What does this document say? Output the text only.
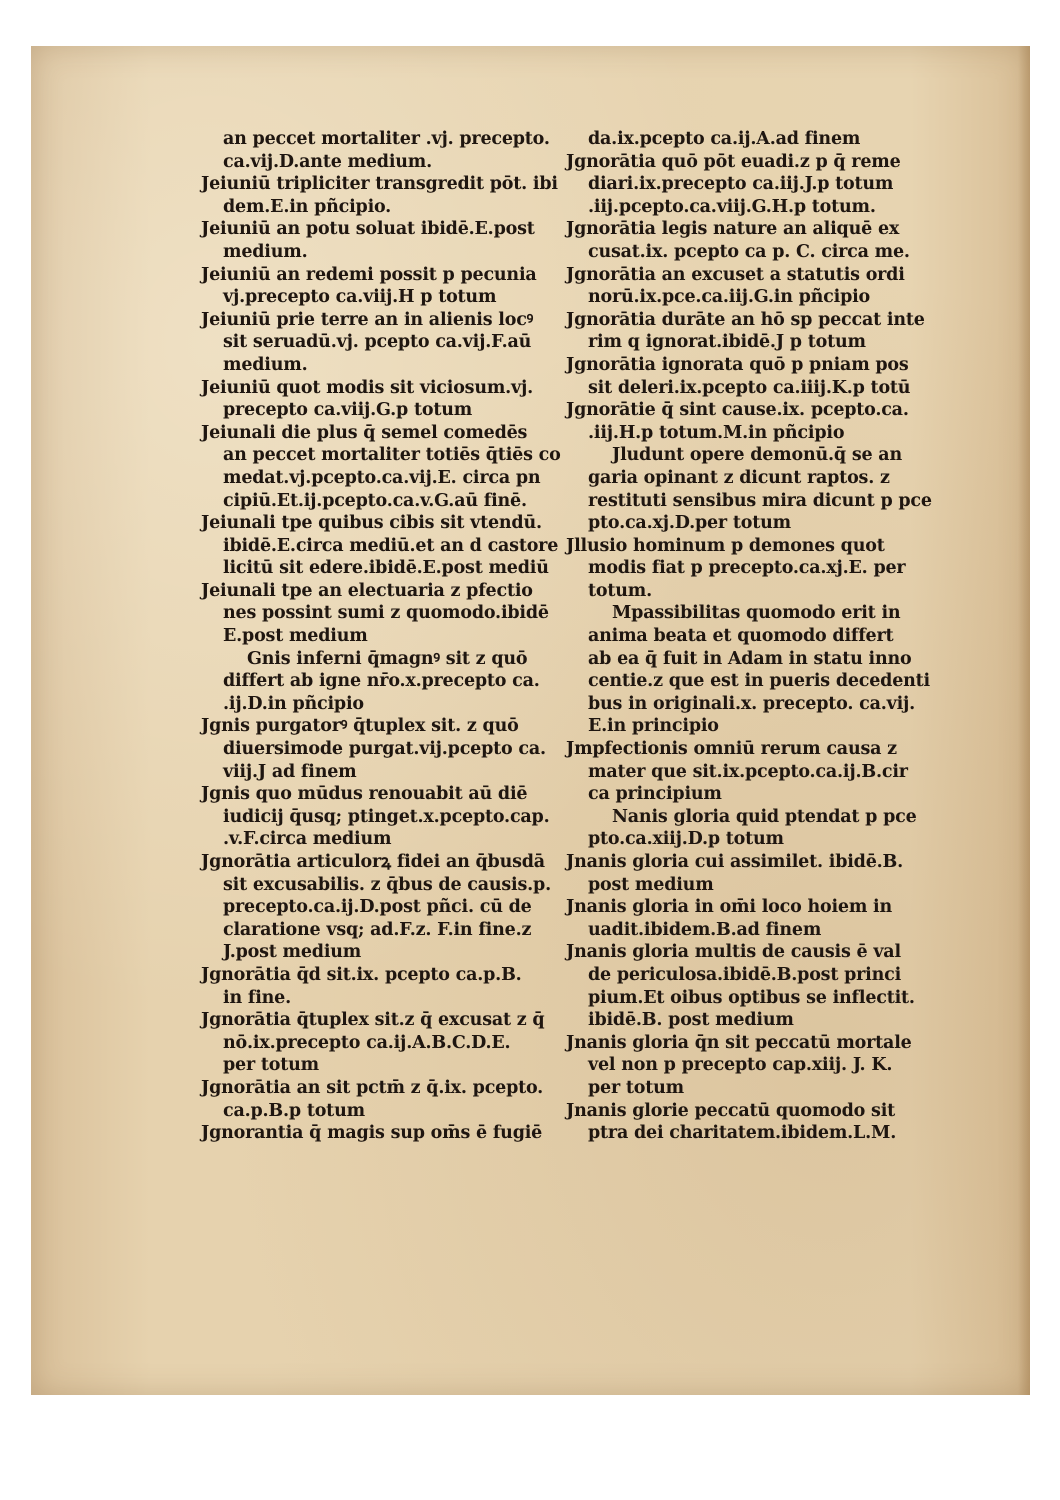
an peccet mortaliter .vj. precepto.
ca.vij.D.ante medium.
Jeiuniū tripliciter transgredit pōt. ibi
dem.E.in pñcipio.
Jeiuniū an potu soluat ibidē.E.post
medium.
Jeiuniū an redemi possit p pecunia
vj.precepto ca.viij.H p totum
Jeiuniū prie terre an in alienis locꝰ
sit seruadū.vj. pcepto ca.vij.F.aū
medium.
Jeiuniū quot modis sit viciosum.vj.
precepto ca.viij.G.p totum
Jeiunali die plus q̄ semel comedēs
an peccet mortaliter totiēs q̄tiēs co
medat.vj.pcepto.ca.vij.E. circa pn
cipiū.Et.ij.pcepto.ca.v.G.aū finē.
Jeiunali tpe quibus cibis sit vtendū.
ibidē.E.circa mediū.et an d castore
licitū sit edere.ibidē.E.post mediū
Jeiunali tpe an electuaria z pfectio
nes possint sumi z quomodo.ibidē
E.post medium
Gnis inferni q̄magnꝰ sit z quō
differt ab igne nr̄o.x.precepto ca.
.ij.D.in pñcipio
Jgnis purgatorꝰ q̄tuplex sit. z quō
diuersimode purgat.vij.pcepto ca.
viij.J ad finem
Jgnis quo mūdus renouabit aū diē
iudicij q̄usq; ptinget.x.pcepto.cap.
.v.F.circa medium
Jgnorātia articulorꝝ fidei an q̄busdā
sit excusabilis. z q̄bus de causis.p.
precepto.ca.ij.D.post pñci. cū de
claratione vsq; ad.F.z. F.in fine.z
J.post medium
Jgnorātia q̄d sit.ix. pcepto ca.p.B.
in fine.
Jgnorātia q̄tuplex sit.z q̄ excusat z q̄
nō.ix.precepto ca.ij.A.B.C.D.E.
per totum
Jgnorātia an sit pctm̄ z q̄.ix. pcepto.
ca.p.B.p totum
Jgnorantia q̄ magis sup om̄s ē fugiē
da.ix.pcepto ca.ij.A.ad finem
Jgnorātia quō pōt euadi.z p q̄ reme
diari.ix.precepto ca.iij.J.p totum
.iij.pcepto.ca.viij.G.H.p totum.
Jgnorātia legis nature an aliquē ex
cusat.ix. pcepto ca p. C. circa me.
Jgnorātia an excuset a statutis ordi
norū.ix.pce.ca.iij.G.in pñcipio
Jgnorātia durāte an hō sp peccat inte
rim q ignorat.ibidē.J p totum
Jgnorātia ignorata quō p pniam pos
sit deleri.ix.pcepto ca.iiij.K.p totū
Jgnorātie q̄ sint cause.ix. pcepto.ca.
.iij.H.p totum.M.in pñcipio
Jludunt opere demonū.q̄ se an
garia opinant z dicunt raptos. z
restituti sensibus mira dicunt p pce
pto.ca.xj.D.per totum
Jllusio hominum p demones quot
modis fiat p precepto.ca.xj.E. per
totum.
Mpassibilitas quomodo erit in
anima beata et quomodo differt
ab ea q̄ fuit in Adam in statu inno
centie.z que est in pueris decedenti
bus in originali.x. precepto. ca.vij.
E.in principio
Jmpfectionis omniū rerum causa z
mater que sit.ix.pcepto.ca.ij.B.cir
ca principium
Nanis gloria quid ptendat p pce
pto.ca.xiij.D.p totum
Jnanis gloria cui assimilet. ibidē.B.
post medium
Jnanis gloria in om̄i loco hoiem in
uadit.ibidem.B.ad finem
Jnanis gloria multis de causis ē val
de periculosa.ibidē.B.post princi
pium.Et oibus optibus se inflectit.
ibidē.B. post medium
Jnanis gloria q̄n sit peccatū mortale
vel non p precepto cap.xiij. J. K.
per totum
Jnanis glorie peccatū quomodo sit
ptra dei charitatem.ibidem.L.M.
